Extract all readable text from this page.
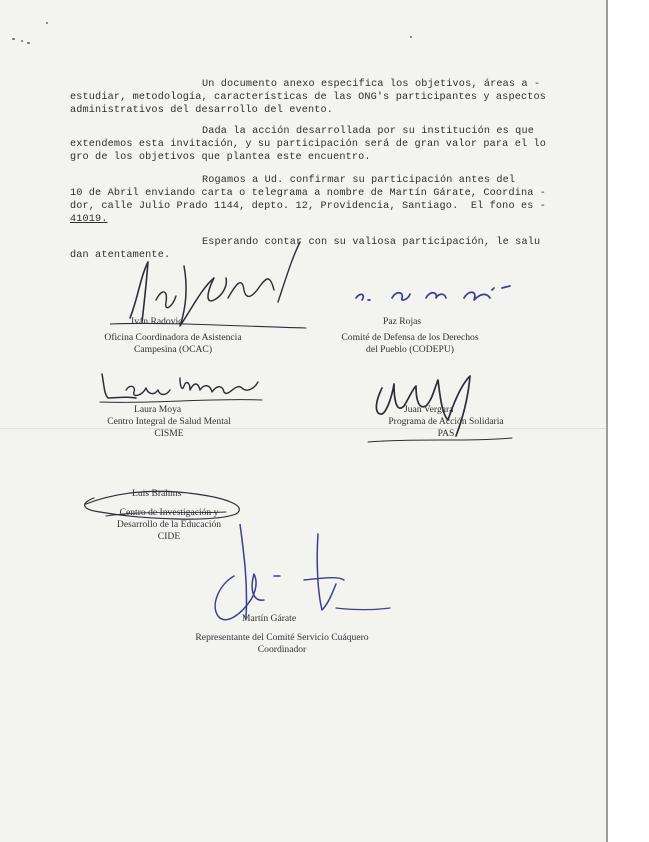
Un documento anexo especifica los objetivos, áreas a -
estudiar, metodología, características de las ONG's participantes y aspectos
administrativos del desarrollo del evento.
Dada la acción desarrollada por su institución es que
extendemos esta invitación, y su participación será de gran valor para el lo
gro de los objetivos que plantea este encuentro.
Rogamos a Ud. confirmar su participación antes del
10 de Abril enviando carta o telegrama a nombre de Martín Gárate, Coordina -
dor, calle Julio Prado 1144, depto. 12, Providencia, Santiago.  El fono es -
41019.
Esperando contar con su valiosa participación, le salu
dan atentamente.
Iván Radovic
Oficina Coordinadora de Asistencia
Campesina (OCAC)
Paz Rojas
Comité de Defensa de los Derechos
del Pueblo (CODEPU)
Laura Moya
Centro Integral de Salud Mental
CISME
Juan Vergara
Programa de Acción Solidaria
PAS
Luis Brahms
Centro de Investigación y
Desarrollo de la Educación
CIDE
Martín Gárate
Representante del Comité Servicio Cuáquero
Coordinador
